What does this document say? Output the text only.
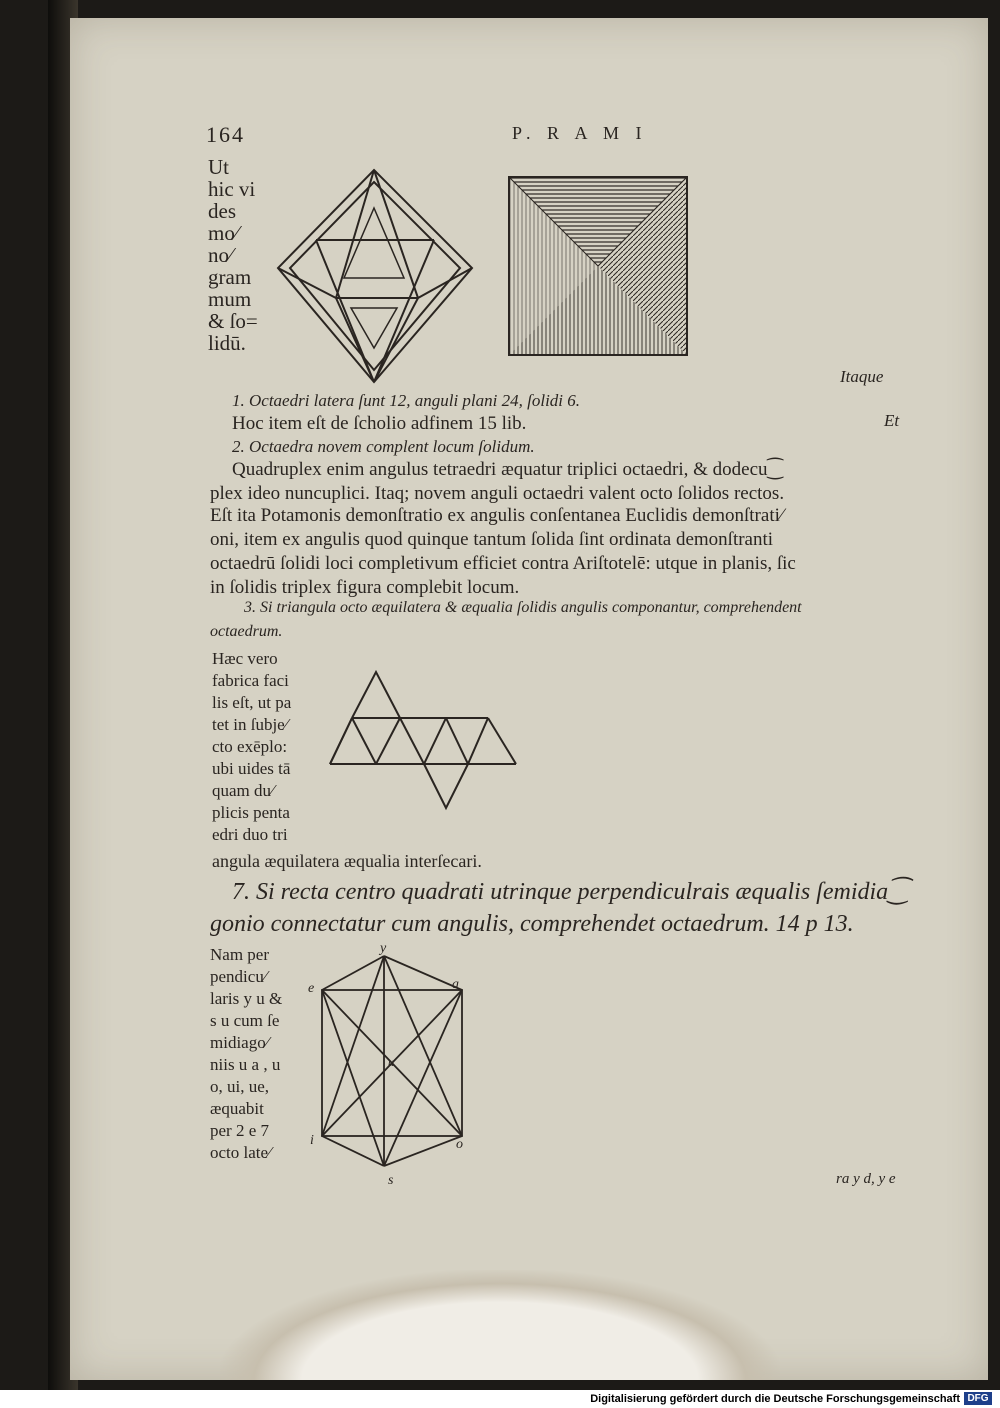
164	P. R A M I
Ut
hic vi
des
mo⁄
no⁄
gram
mum
& ſo=
lidū.
Itaque
Et
1. Octaedri latera ſunt 12, anguli plani 24, ſolidi 6.
Hoc item eſt de ſcholio adfinem 15 lib.
2. Octaedra novem complent locum ſolidum.
Quadruplex enim angulus tetraedri æquatur triplici octaedri, & dodecu⁐
plex ideo nuncuplici. Itaq; novem anguli octaedri valent octo ſolidos rectos.
Eſt ita Potamonis demonſtratio ex angulis conſentanea Euclidis demonſtrati⁄
oni, item ex angulis quod quinque tantum ſolida ſint ordinata demonſtranti
octaedrū ſolidi loci completivum efficiet contra Ariſtotelē: utque in planis, ſic
in ſolidis triplex figura complebit locum.
3. Si triangula octo æquilatera & æqualia ſolidis angulis componantur, comprehendent
octaedrum.
Hæc vero
fabrica faci
lis eſt, ut pa
tet in ſubje⁄
cto exēplo:
ubi uides tā
quam du⁄
plicis penta
edri duo tri
angula æquilatera æqualia interſecari.
7. Si recta centro quadrati utrinque perpendiculrais æqualis ſemidia⁐
gonio connectatur cum angulis, comprehendet octaedrum. 14 p 13.
Nam per
pendicu⁄
laris y u &
s u cum ſe
midiago⁄
niis u a , u
o, ui, ue,
æquabit
per 2 e 7
octo late⁄
y
e	a
u
i	o
s	ra y d, y e
Digitalisierung gefördert durch die Deutsche Forschungsgemeinschaft DFG
